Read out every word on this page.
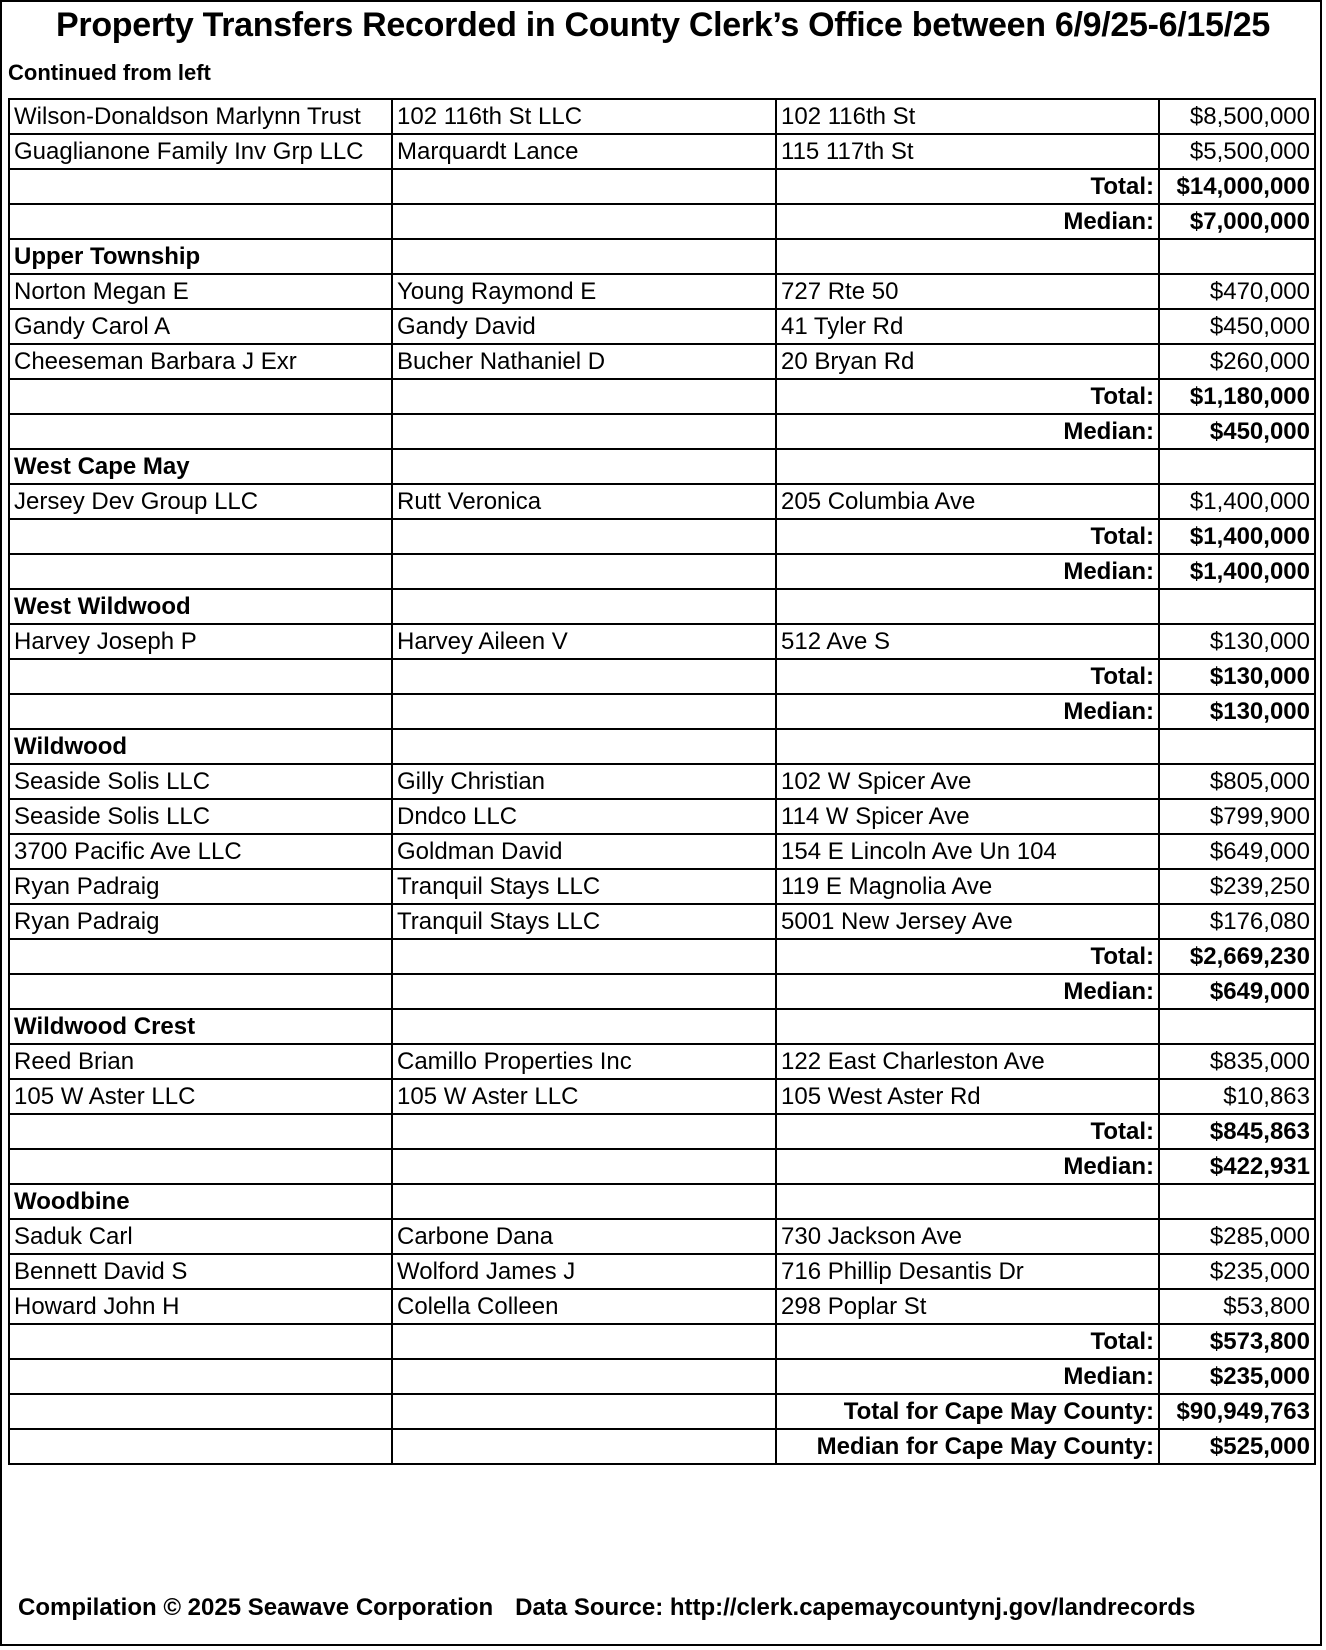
Property Transfers Recorded in County Clerk’s Office between 6/9/25-6/15/25
Continued from left
Wilson-Donaldson Marlynn Trust	102 116th St LLC	102 116th St	$8,500,000
Guaglianone Family Inv Grp LLC	Marquardt Lance	115 117th St	$5,500,000
		Total:	$14,000,000
		Median:	$7,000,000
Upper Township			
Norton Megan E	Young Raymond E	727 Rte 50	$470,000
Gandy Carol A	Gandy David	41 Tyler Rd	$450,000
Cheeseman Barbara J Exr	Bucher Nathaniel D	20 Bryan Rd	$260,000
		Total:	$1,180,000
		Median:	$450,000
West Cape May			
Jersey Dev Group LLC	Rutt Veronica	205 Columbia Ave	$1,400,000
		Total:	$1,400,000
		Median:	$1,400,000
West Wildwood			
Harvey Joseph P	Harvey Aileen V	512 Ave S	$130,000
		Total:	$130,000
		Median:	$130,000
Wildwood			
Seaside Solis LLC	Gilly Christian	102 W Spicer Ave	$805,000
Seaside Solis LLC	Dndco LLC	114 W Spicer Ave	$799,900
3700 Pacific Ave LLC	Goldman David	154 E Lincoln Ave Un 104	$649,000
Ryan Padraig	Tranquil Stays LLC	119 E Magnolia Ave	$239,250
Ryan Padraig	Tranquil Stays LLC	5001 New Jersey Ave	$176,080
		Total:	$2,669,230
		Median:	$649,000
Wildwood Crest			
Reed Brian	Camillo Properties Inc	122 East Charleston Ave	$835,000
105 W Aster LLC	105 W Aster LLC	105 West Aster Rd	$10,863
		Total:	$845,863
		Median:	$422,931
Woodbine			
Saduk Carl	Carbone Dana	730 Jackson Ave	$285,000
Bennett David S	Wolford James J	716 Phillip Desantis Dr	$235,000
Howard John H	Colella Colleen	298 Poplar St	$53,800
		Total:	$573,800
		Median:	$235,000
		Total for Cape May County:	$90,949,763
		Median for Cape May County:	$525,000
Compilation © 2025 Seawave Corporation Data Source: http://clerk.capemaycountynj.gov/landrecords
